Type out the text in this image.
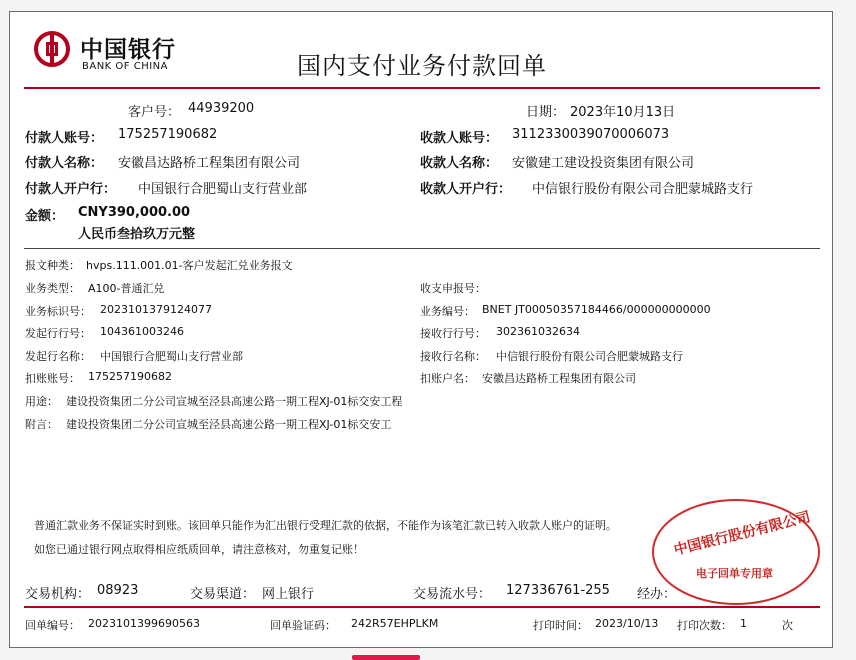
中国银行
BANK OF CHINA	国内支付业务付款回单
客户号： 44939200	日期： 2023年10月13日
付款人账号： 175257190682	收款人账号： 3112330039070006073
付款人名称： 安徽昌达路桥工程集团有限公司	收款人名称： 安徽建工建设投资集团有限公司
付款人开户行： 中国银行合肥蜀山支行营业部	收款人开户行： 中信银行股份有限公司合肥蒙城路支行
金额： CNY390,000.00
人民币叁拾玖万元整
报文种类： hvps.111.001.01-客户发起汇兑业务报文
业务类型： A100-普通汇兑	收支申报号：
业务标识号： 2023101379124077	业务编号： BNET JT00050357184466/000000000000
发起行行号： 104361003246	接收行行号： 302361032634
发起行名称： 中国银行合肥蜀山支行营业部	接收行名称： 中信银行股份有限公司合肥蒙城路支行
扣账账号： 175257190682	扣账户名： 安徽昌达路桥工程集团有限公司
用途： 建设投资集团二分公司宣城至泾县高速公路一期工程XJ-01标交安工程
附言： 建设投资集团二分公司宣城至泾县高速公路一期工程XJ-01标交安工
普通汇款业务不保证实时到账。该回单只能作为汇出银行受理汇款的依据，不能作为该笔汇款已转入收款人账户的证明。
如您已通过银行网点取得相应纸质回单，请注意核对，勿重复记账！	中国银行股份有限公司
电子回单专用章
交易机构： 08923	交易渠道： 网上银行	交易流水号： 127336761-255 经办：
回单编号： 2023101399690563	回单验证码： 242R57EHPLKM	打印时间： 2023/10/13 打印次数： 1	次
